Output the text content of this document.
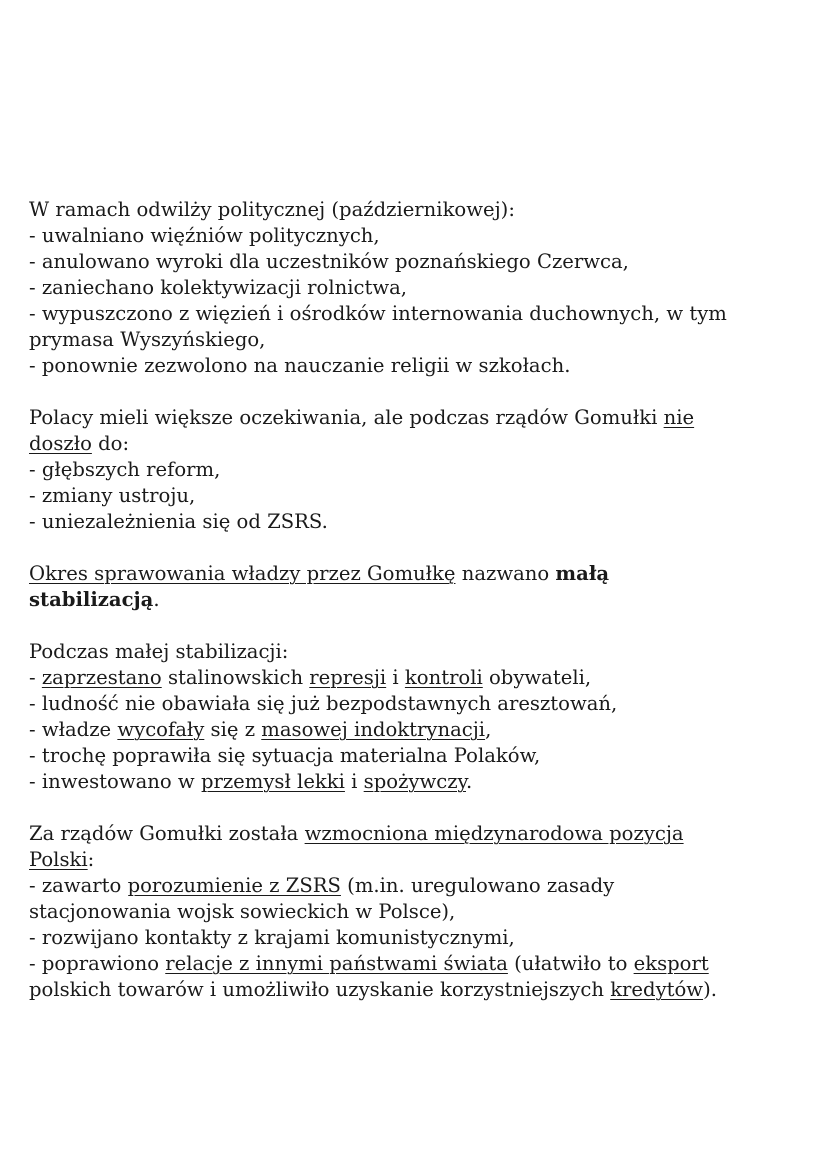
W ramach odwilży politycznej (październikowej):
- uwalniano więźniów politycznych,
- anulowano wyroki dla uczestników poznańskiego Czerwca,
- zaniechano kolektywizacji rolnictwa,
- wypuszczono z więzień i ośrodków internowania duchownych, w tym
prymasa Wyszyńskiego,
- ponownie zezwolono na nauczanie religii w szkołach.
Polacy mieli większe oczekiwania, ale podczas rządów Gomułki nie
doszło do:
- głębszych reform,
- zmiany ustroju,
- uniezależnienia się od ZSRS.
Okres sprawowania władzy przez Gomułkę nazwano małą
stabilizacją.
Podczas małej stabilizacji:
- zaprzestano stalinowskich represji i kontroli obywateli,
- ludność nie obawiała się już bezpodstawnych aresztowań,
- władze wycofały się z masowej indoktrynacji,
- trochę poprawiła się sytuacja materialna Polaków,
- inwestowano w przemysł lekki i spożywczy.
Za rządów Gomułki została wzmocniona międzynarodowa pozycja
Polski:
- zawarto porozumienie z ZSRS (m.in. uregulowano zasady
stacjonowania wojsk sowieckich w Polsce),
- rozwijano kontakty z krajami komunistycznymi,
- poprawiono relacje z innymi państwami świata (ułatwiło to eksport
polskich towarów i umożliwiło uzyskanie korzystniejszych kredytów).
